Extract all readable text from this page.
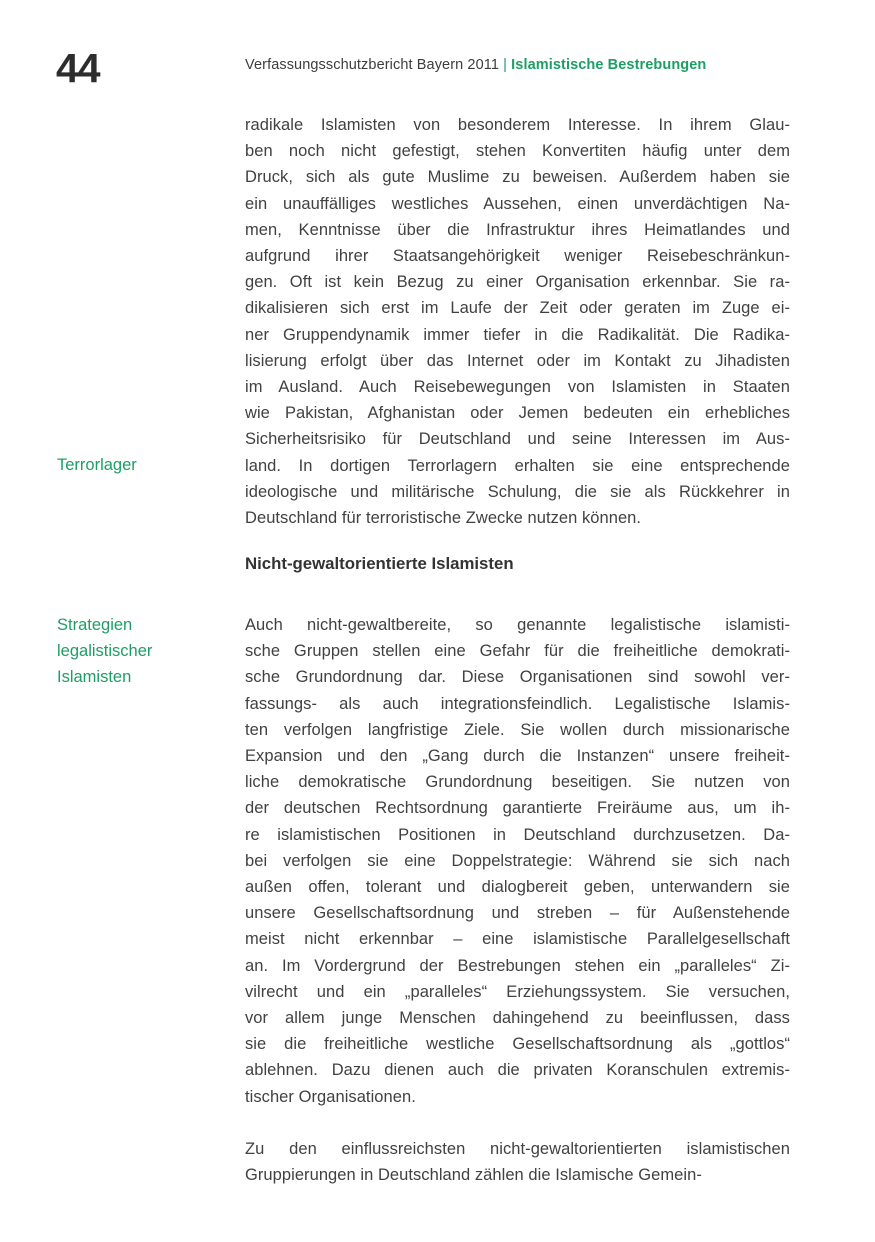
44	Verfassungsschutzbericht Bayern 2011 | Islamistische Bestrebungen
Terrorlager
Strategien
legalistischer
Islamisten
radikale Islamisten von besonderem Interesse. In ihrem Glau-
ben noch nicht gefestigt, stehen Konvertiten häufig unter dem
Druck, sich als gute Muslime zu beweisen. Außerdem haben sie
ein unauffälliges westliches Aussehen, einen unverdächtigen Na-
men, Kenntnisse über die Infrastruktur ihres Heimatlandes und
aufgrund ihrer Staatsangehörigkeit weniger Reisebeschränkun-
gen. Oft ist kein Bezug zu einer Organisation erkennbar. Sie ra-
dikalisieren sich erst im Laufe der Zeit oder geraten im Zuge ei-
ner Gruppendynamik immer tiefer in die Radikalität. Die Radika-
lisierung erfolgt über das Internet oder im Kontakt zu Jihadisten
im Ausland. Auch Reisebewegungen von Islamisten in Staaten
wie Pakistan, Afghanistan oder Jemen bedeuten ein erhebliches
Sicherheitsrisiko für Deutschland und seine Interessen im Aus-
land. In dortigen Terrorlagern erhalten sie eine entsprechende
ideologische und militärische Schulung, die sie als Rückkehrer in
Deutschland für terroristische Zwecke nutzen können.
Nicht-gewaltorientierte Islamisten
Auch nicht-gewaltbereite, so genannte legalistische islamisti-
sche Gruppen stellen eine Gefahr für die freiheitliche demokrati-
sche Grundordnung dar. Diese Organisationen sind sowohl ver-
fassungs- als auch integrationsfeindlich. Legalistische Islamis-
ten verfolgen langfristige Ziele. Sie wollen durch missionarische
Expansion und den „Gang durch die Instanzen“ unsere freiheit-
liche demokratische Grundordnung beseitigen. Sie nutzen von
der deutschen Rechtsordnung garantierte Freiräume aus, um ih-
re islamistischen Positionen in Deutschland durchzusetzen. Da-
bei verfolgen sie eine Doppelstrategie: Während sie sich nach
außen offen, tolerant und dialogbereit geben, unterwandern sie
unsere Gesellschaftsordnung und streben – für Außenstehende
meist nicht erkennbar – eine islamistische Parallelgesellschaft
an. Im Vordergrund der Bestrebungen stehen ein „paralleles“ Zi-
vilrecht und ein „paralleles“ Erziehungssystem. Sie versuchen,
vor allem junge Menschen dahingehend zu beeinflussen, dass
sie die freiheitliche westliche Gesellschaftsordnung als „gottlos“
ablehnen. Dazu dienen auch die privaten Koranschulen extremis-
tischer Organisationen.
Zu den einflussreichsten nicht-gewaltorientierten islamistischen
Gruppierungen in Deutschland zählen die Islamische Gemein-
